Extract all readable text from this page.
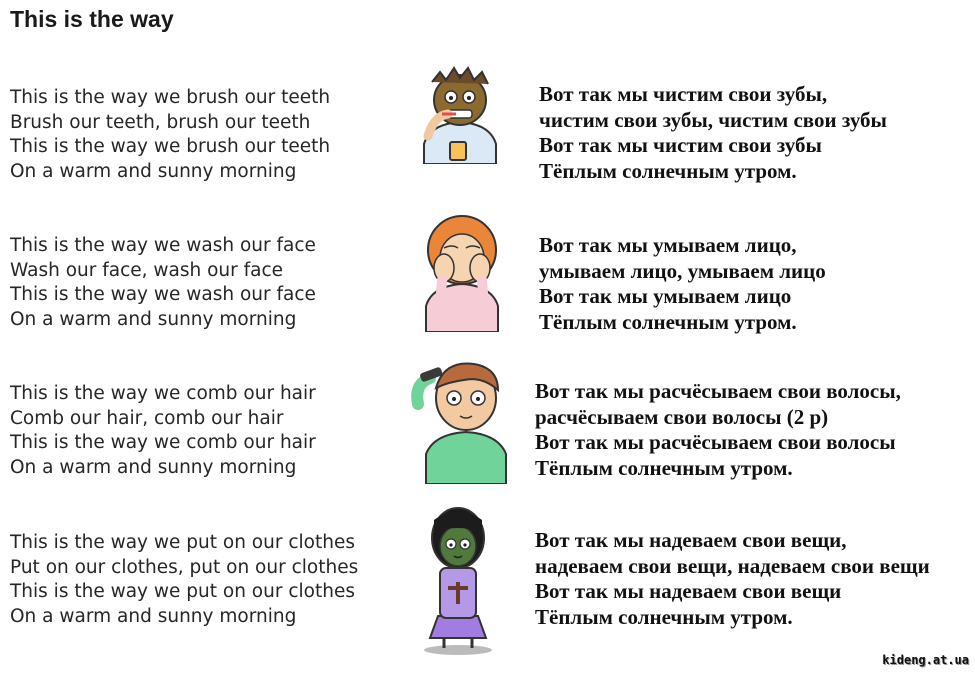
This is the way
This is the way we brush our teeth
Brush our teeth, brush our teeth
This is the way we brush our teeth
On a warm and sunny morning
Вот так мы чистим свои зубы,
чистим свои зубы, чистим свои зубы
Вот так мы чистим свои зубы
Тёплым солнечным утром.
This is the way we wash our face
Wash our face, wash our face
This is the way we wash our face
On a warm and sunny morning
Вот так мы умываем лицо,
умываем лицо, умываем лицо
Вот так мы умываем лицо
Тёплым солнечным утром.
This is the way we comb our hair
Comb our hair, comb our hair
This is the way we comb our hair
On a warm and sunny morning
Вот так мы расчёсываем свои волосы,
расчёсываем свои волосы (2 р)
Вот так мы расчёсываем свои волосы
Тёплым солнечным утром.
This is the way we put on our clothes
Put on our clothes, put on our clothes
This is the way we put on our clothes
On a warm and sunny morning
Вот так мы надеваем свои вещи,
надеваем свои вещи, надеваем свои вещи
Вот так мы надеваем свои вещи
Тёплым солнечным утром.
kideng.at.ua
